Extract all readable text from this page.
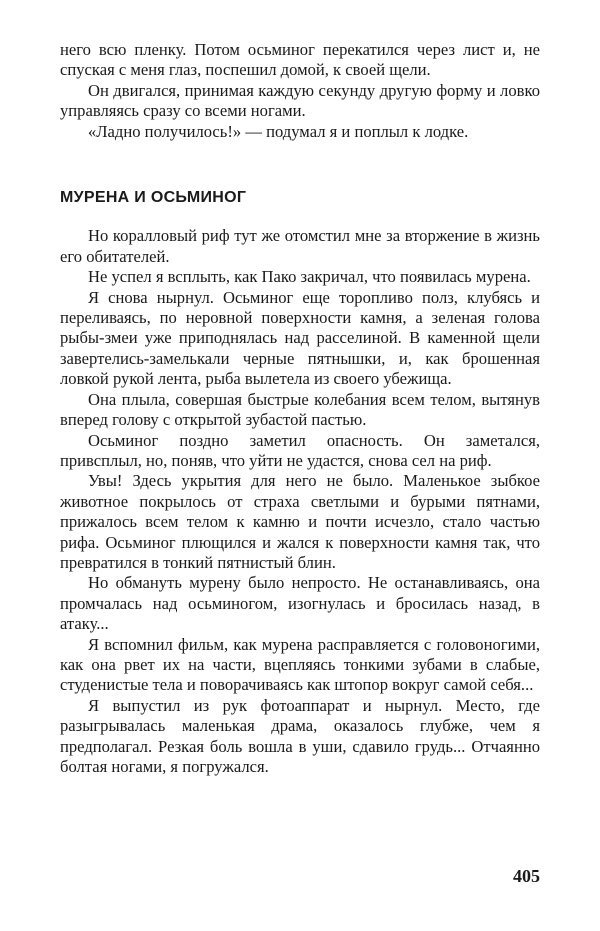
него всю пленку. Потом осьминог перекатился через лист и, не спуская с меня глаз, поспешил домой, к своей щели.

Он двигался, принимая каждую секунду другую форму и ловко управляясь сразу со всеми ногами.

«Ладно получилось!» — подумал я и поплыл к лодке.

МУРЕНА И ОСЬМИНОГ

Но коралловый риф тут же отомстил мне за вторжение в жизнь его обитателей.

Не успел я всплыть, как Пако закричал, что появилась мурена.

Я снова нырнул. Осьминог еще торопливо полз, клубясь и переливаясь, по неровной поверхности камня, а зеленая голова рыбы-змеи уже приподнялась над расселиной. В каменной щели завертелись-замелькали черные пятнышки, и, как брошенная ловкой рукой лента, рыба вылетела из своего убежища.

Она плыла, совершая быстрые колебания всем телом, вытянув вперед голову с открытой зубастой пастью.

Осьминог поздно заметил опасность. Он заметался, привсплыл, но, поняв, что уйти не удастся, снова сел на риф.

Увы! Здесь укрытия для него не было. Маленькое зыбкое животное покрылось от страха светлыми и бурыми пятнами, прижалось всем телом к камню и почти исчезло, стало частью рифа. Осьминог плющился и жался к поверхности камня так, что превратился в тонкий пятнистый блин.

Но обмануть мурену было непросто. Не останавливаясь, она промчалась над осьминогом, изогнулась и бросилась назад, в атаку...

Я вспомнил фильм, как мурена расправляется с головоногими, как она рвет их на части, вцепляясь тонкими зубами в слабые, студенистые тела и поворачиваясь как штопор вокруг самой себя...

Я выпустил из рук фотоаппарат и нырнул. Место, где разыгрывалась маленькая драма, оказалось глубже, чем я предполагал. Резкая боль вошла в уши, сдавило грудь... Отчаянно болтая ногами, я погружался.

405
